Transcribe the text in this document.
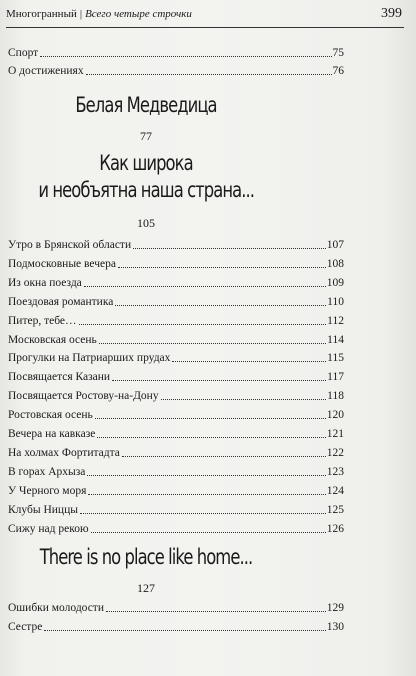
Многогранный | Всего четыре строчки	399
Спорт	75
О достижениях	76
Белая Медведица
77
Как широка
и необъятна наша страна...
105
Утро в Брянской области	107
Подмосковные вечера	108
Из окна поезда	109
Поездовая романтика	110
Питер, тебе…	112
Московская осень	114
Прогулки на Патриарших прудах	115
Посвящается Казани	117
Посвящается Ростову-на-Дону	118
Ростовская осень	120
Вечера на кавказе	121
На холмах Фортитадта	122
В горах Архыза	123
У Черного моря	124
Клубы Ниццы	125
Сижу над рекою	126
There is no place like home...
127
Ошибки молодости	129
Сестре	130
